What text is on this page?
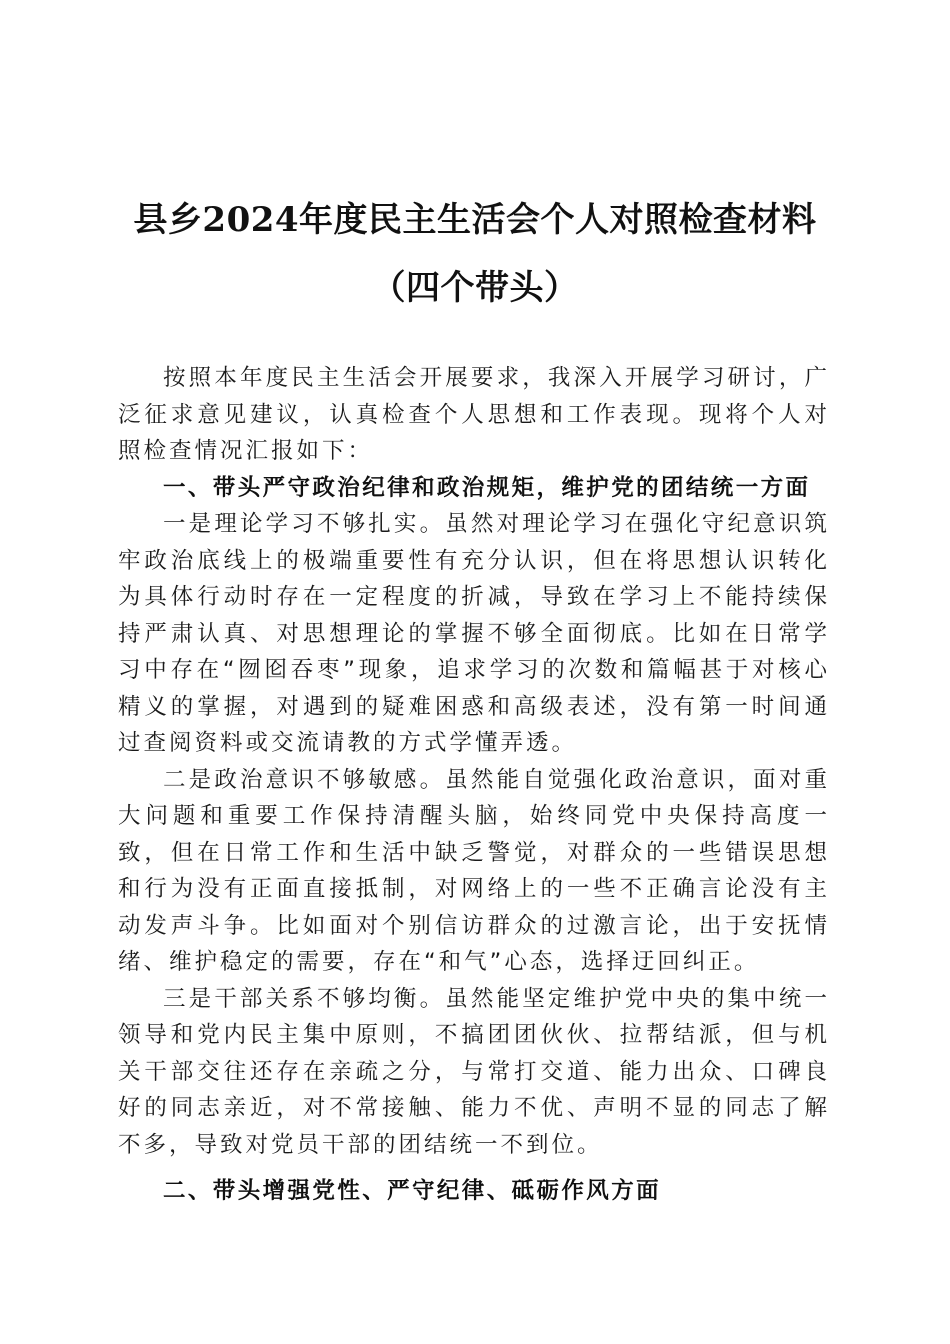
县乡2024年度民主生活会个人对照检查材料
（四个带头）

按照本年度民主生活会开展要求，我深入开展学习研讨，广泛征求意见建议，认真检查个人思想和工作表现。现将个人对照检查情况汇报如下：

一、带头严守政治纪律和政治规矩，维护党的团结统一方面

一是理论学习不够扎实。虽然对理论学习在强化守纪意识筑牢政治底线上的极端重要性有充分认识，但在将思想认识转化为具体行动时存在一定程度的折减，导致在学习上不能持续保持严肃认真、对思想理论的掌握不够全面彻底。比如在日常学习中存在“囫囵吞枣”现象，追求学习的次数和篇幅甚于对核心精义的掌握，对遇到的疑难困惑和高级表述，没有第一时间通过查阅资料或交流请教的方式学懂弄透。

二是政治意识不够敏感。虽然能自觉强化政治意识，面对重大问题和重要工作保持清醒头脑，始终同党中央保持高度一致，但在日常工作和生活中缺乏警觉，对群众的一些错误思想和行为没有正面直接抵制，对网络上的一些不正确言论没有主动发声斗争。比如面对个别信访群众的过激言论，出于安抚情绪、维护稳定的需要，存在“和气”心态，选择迂回纠正。

三是干部关系不够均衡。虽然能坚定维护党中央的集中统一领导和党内民主集中原则，不搞团团伙伙、拉帮结派，但与机关干部交往还存在亲疏之分，与常打交道、能力出众、口碑良好的同志亲近，对不常接触、能力不优、声明不显的同志了解不多，导致对党员干部的团结统一不到位。

二、带头增强党性、严守纪律、砥砺作风方面
